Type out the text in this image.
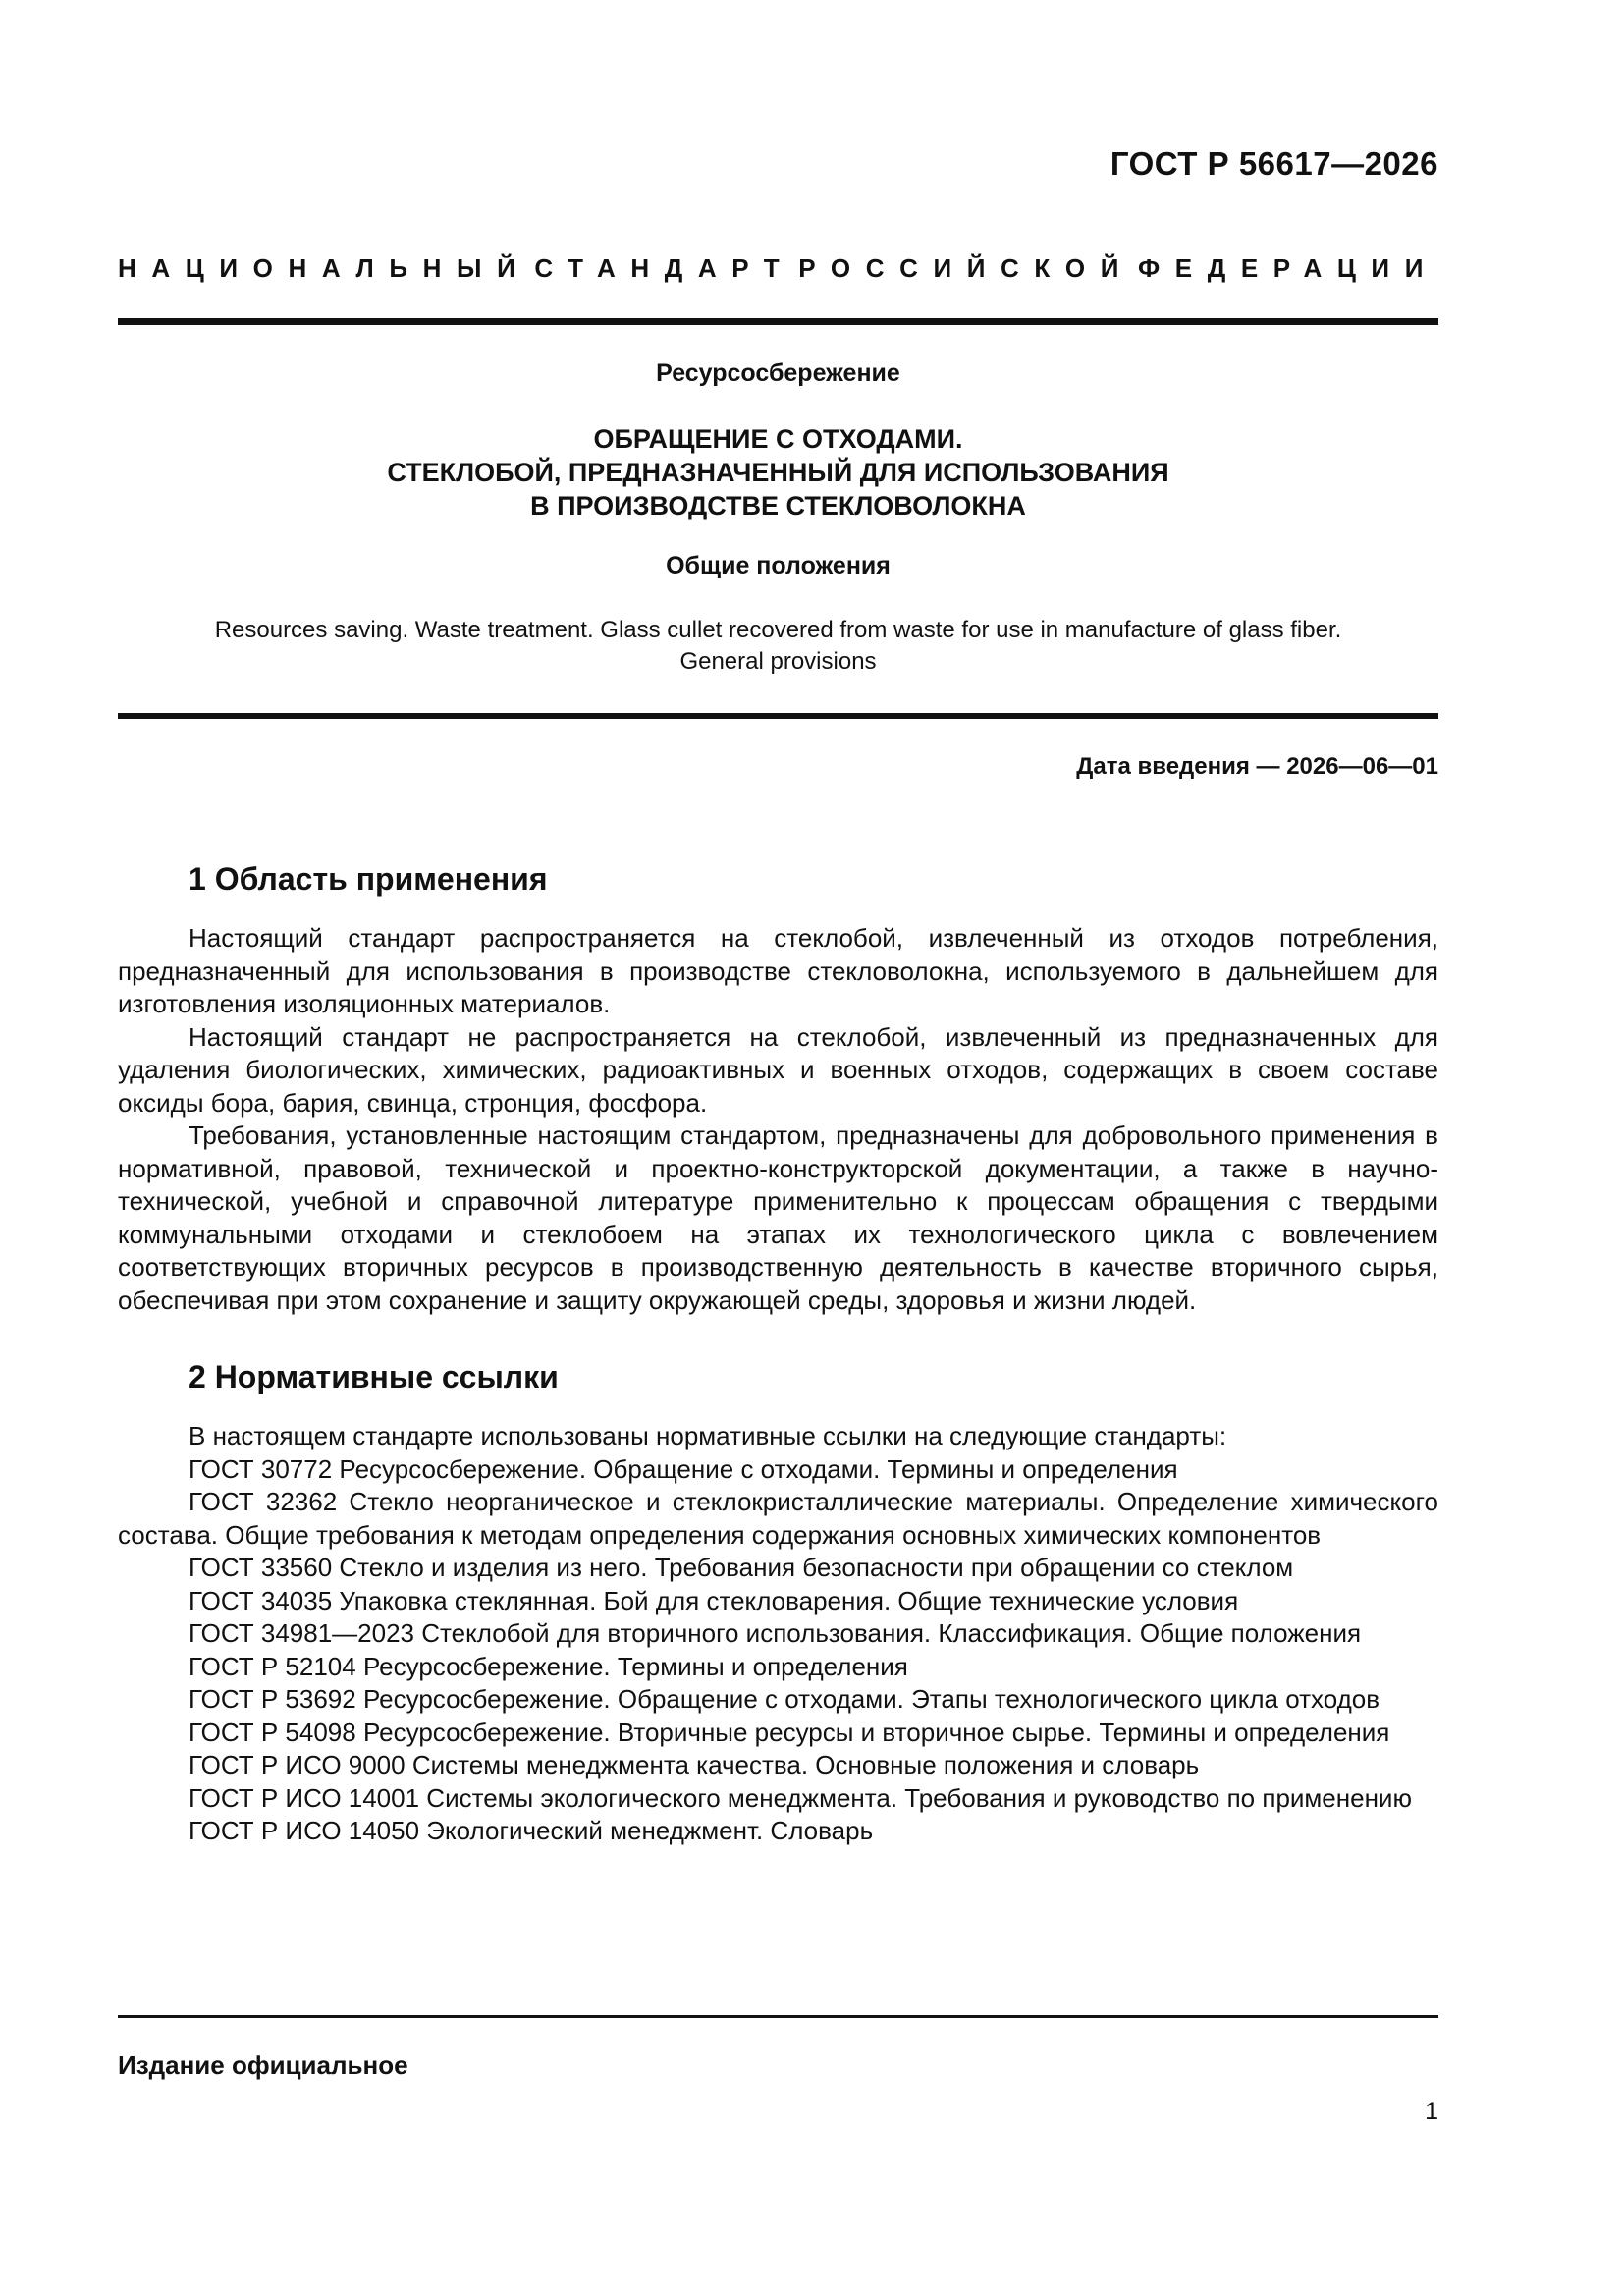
ГОСТ Р 56617—2026
НАЦИОНАЛЬНЫЙ СТАНДАРТ РОССИЙСКОЙ ФЕДЕРАЦИИ
Ресурсосбережение
ОБРАЩЕНИЕ С ОТХОДАМИ.
СТЕКЛОБОЙ, ПРЕДНАЗНАЧЕННЫЙ ДЛЯ ИСПОЛЬЗОВАНИЯ
В ПРОИЗВОДСТВЕ СТЕКЛОВОЛОКНА
Общие положения
Resources saving. Waste treatment. Glass cullet recovered from waste for use in manufacture of glass fiber.
General provisions
Дата введения — 2026—06—01
1 Область применения

Настоящий стандарт распространяется на стеклобой, извлеченный из отходов потребления, предназначенный для использования в производстве стекловолокна, используемого в дальнейшем для изготовления изоляционных материалов.

Настоящий стандарт не распространяется на стеклобой, извлеченный из предназначенных для удаления биологических, химических, радиоактивных и военных отходов, содержащих в своем составе оксиды бора, бария, свинца, стронция, фосфора.

Требования, установленные настоящим стандартом, предназначены для добровольного применения в нормативной, правовой, технической и проектно-конструкторской документации, а также в научно-технической, учебной и справочной литературе применительно к процессам обращения с твердыми коммунальными отходами и стеклобоем на этапах их технологического цикла с вовлечением соответствующих вторичных ресурсов в производственную деятельность в качестве вторичного сырья, обеспечивая при этом сохранение и защиту окружающей среды, здоровья и жизни людей.

2 Нормативные ссылки

В настоящем стандарте использованы нормативные ссылки на следующие стандарты:

ГОСТ 30772 Ресурсосбережение. Обращение с отходами. Термины и определения

ГОСТ 32362 Стекло неорганическое и стеклокристаллические материалы. Определение химического состава. Общие требования к методам определения содержания основных химических компонентов

ГОСТ 33560 Стекло и изделия из него. Требования безопасности при обращении со стеклом

ГОСТ 34035 Упаковка стеклянная. Бой для стекловарения. Общие технические условия

ГОСТ 34981—2023 Стеклобой для вторичного использования. Классификация. Общие положения

ГОСТ Р 52104 Ресурсосбережение. Термины и определения

ГОСТ Р 53692 Ресурсосбережение. Обращение с отходами. Этапы технологического цикла отходов

ГОСТ Р 54098 Ресурсосбережение. Вторичные ресурсы и вторичное сырье. Термины и определения

ГОСТ Р ИСО 9000 Системы менеджмента качества. Основные положения и словарь

ГОСТ Р ИСО 14001 Системы экологического менеджмента. Требования и руководство по применению

ГОСТ Р ИСО 14050 Экологический менеджмент. Словарь

Издание официальное
1
